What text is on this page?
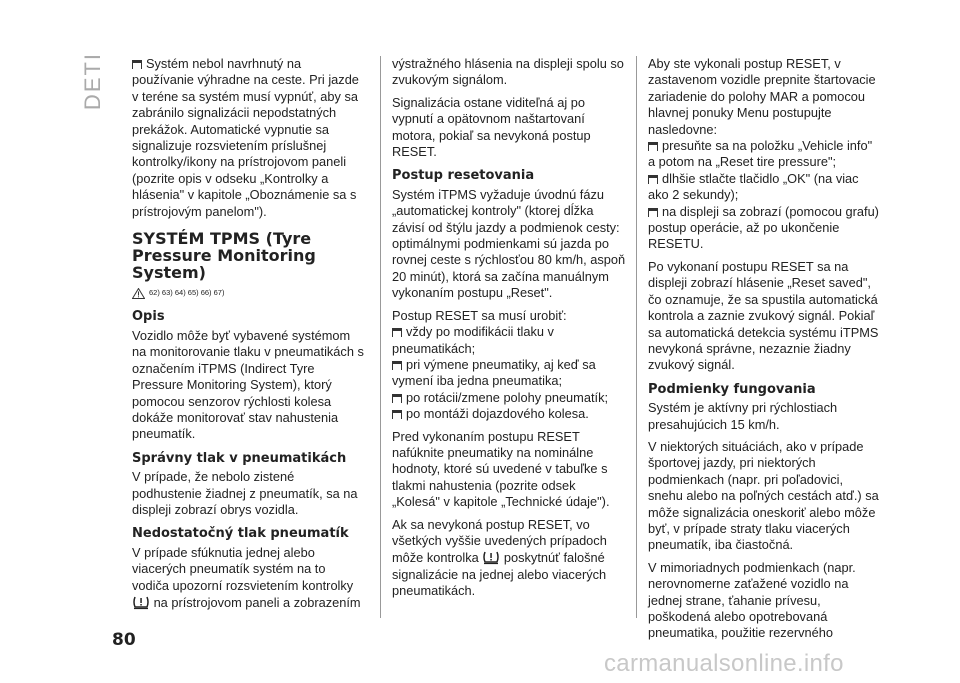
DETI	Systém nebol navrhnutý na používanie výhradne na ceste. Pri jazde v teréne sa systém musí vypnúť, aby sa zabránilo signalizácii nepodstatných prekážok. Automatické vypnutie sa signalizuje rozsvietením príslušnej kontrolky/ikony na prístrojovom paneli (pozrite opis v odseku „Kontrolky a hlásenia" v kapitole „Oboznámenie sa s prístrojovým panelom").

SYSTÉM TPMS (Tyre Pressure Monitoring System)
62) 63) 64) 65) 66) 67)
Opis

Vozidlo môže byť vybavené systémom na monitorovanie tlaku v pneumatikách s označením iTPMS (Indirect Tyre Pressure Monitoring System), ktorý pomocou senzorov rýchlosti kolesa dokáže monitorovať stav nahustenia pneumatík.

Správny tlak v pneumatikách

V prípade, že nebolo zistené podhustenie žiadnej z pneumatík, sa na displeji zobrazí obrys vozidla.

Nedostatočný tlak pneumatík

V prípade sfúknutia jednej alebo viacerých pneumatík systém na to vodiča upozorní rozsvietením kontrolky

na prístrojovom paneli a zobrazením

výstražného hlásenia na displeji spolu so zvukovým signálom.

Signalizácia ostane viditeľná aj po vypnutí a opätovnom naštartovaní motora, pokiaľ sa nevykoná postup RESET.

Postup resetovania

Systém iTPMS vyžaduje úvodnú fázu „automatickej kontroly" (ktorej dĺžka závisí od štýlu jazdy a podmienok cesty: optimálnymi podmienkami sú jazda po rovnej ceste s rýchlosťou 80 km/h, aspoň 20 minút), ktorá sa začína manuálnym vykonaním postupu „Reset".

Postup RESET sa musí urobiť:

vždy po modifikácii tlaku v pneumatikách;

pri výmene pneumatiky, aj keď sa vymení iba jedna pneumatika;

po rotácii/zmene polohy pneumatík;

po montáži dojazdového kolesa.

Pred vykonaním postupu RESET nafúknite pneumatiky na nominálne hodnoty, ktoré sú uvedené v tabuľke s tlakmi nahustenia (pozrite odsek „Kolesá" v kapitole „Technické údaje").

Ak sa nevykoná postup RESET, vo všetkých vyššie uvedených prípadoch môže kontrolka poskytnúť falošné signalizácie na jednej alebo viacerých pneumatikách.

Aby ste vykonali postup RESET, v zastavenom vozidle prepnite štartovacie zariadenie do polohy MAR a pomocou hlavnej ponuky Menu postupujte nasledovne:

presuňte sa na položku „Vehicle info" a potom na „Reset tire pressure";

dlhšie stlačte tlačidlo „OK" (na viac ako 2 sekundy);

na displeji sa zobrazí (pomocou grafu) postup operácie, až po ukončenie RESETU.

Po vykonaní postupu RESET sa na displeji zobrazí hlásenie „Reset saved", čo oznamuje, že sa spustila automatická kontrola a zaznie zvukový signál. Pokiaľ sa automatická detekcia systému iTPMS nevykoná správne, nezaznie žiadny zvukový signál.

Podmienky fungovania

Systém je aktívny pri rýchlostiach presahujúcich 15 km/h.

V niektorých situáciách, ako v prípade športovej jazdy, pri niektorých podmienkach (napr. pri poľadovici, snehu alebo na poľných cestách atď.) sa môže signalizácia oneskoriť alebo môže byť, v prípade straty tlaku viacerých pneumatík, iba čiastočná.

V mimoriadnych podmienkach (napr. nerovnomerne zaťažené vozidlo na jednej strane, ťahanie prívesu, poškodená alebo opotrebovaná pneumatika, použitie rezervného

80
carmanualsonline.info
